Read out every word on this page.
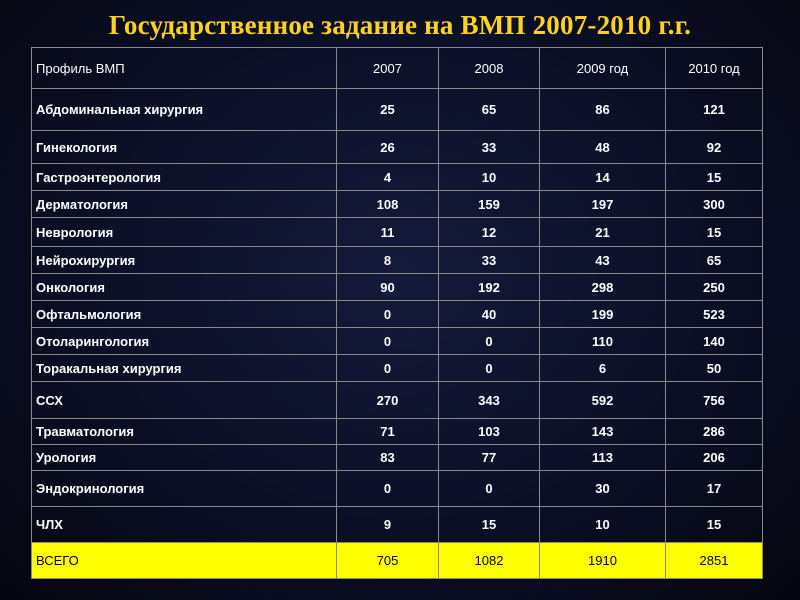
Государственное задание на ВМП 2007-2010 г.г.
Профиль ВМП	2007	2008	2009 год	2010 год
Абдоминальная хирургия	25	65	86	121
Гинекология	26	33	48	92
Гастроэнтерология	4	10	14	15
Дерматология	108	159	197	300
Неврология	11	12	21	15
Нейрохирургия	8	33	43	65
Онкология	90	192	298	250
Офтальмология	0	40	199	523
Отоларингология	0	0	110	140
Торакальная хирургия	0	0	6	50
ССХ	270	343	592	756
Травматология	71	103	143	286
Урология	83	77	113	206
Эндокринология	0	0	30	17
ЧЛХ	9	15	10	15
ВСЕГО	705	1082	1910	2851
